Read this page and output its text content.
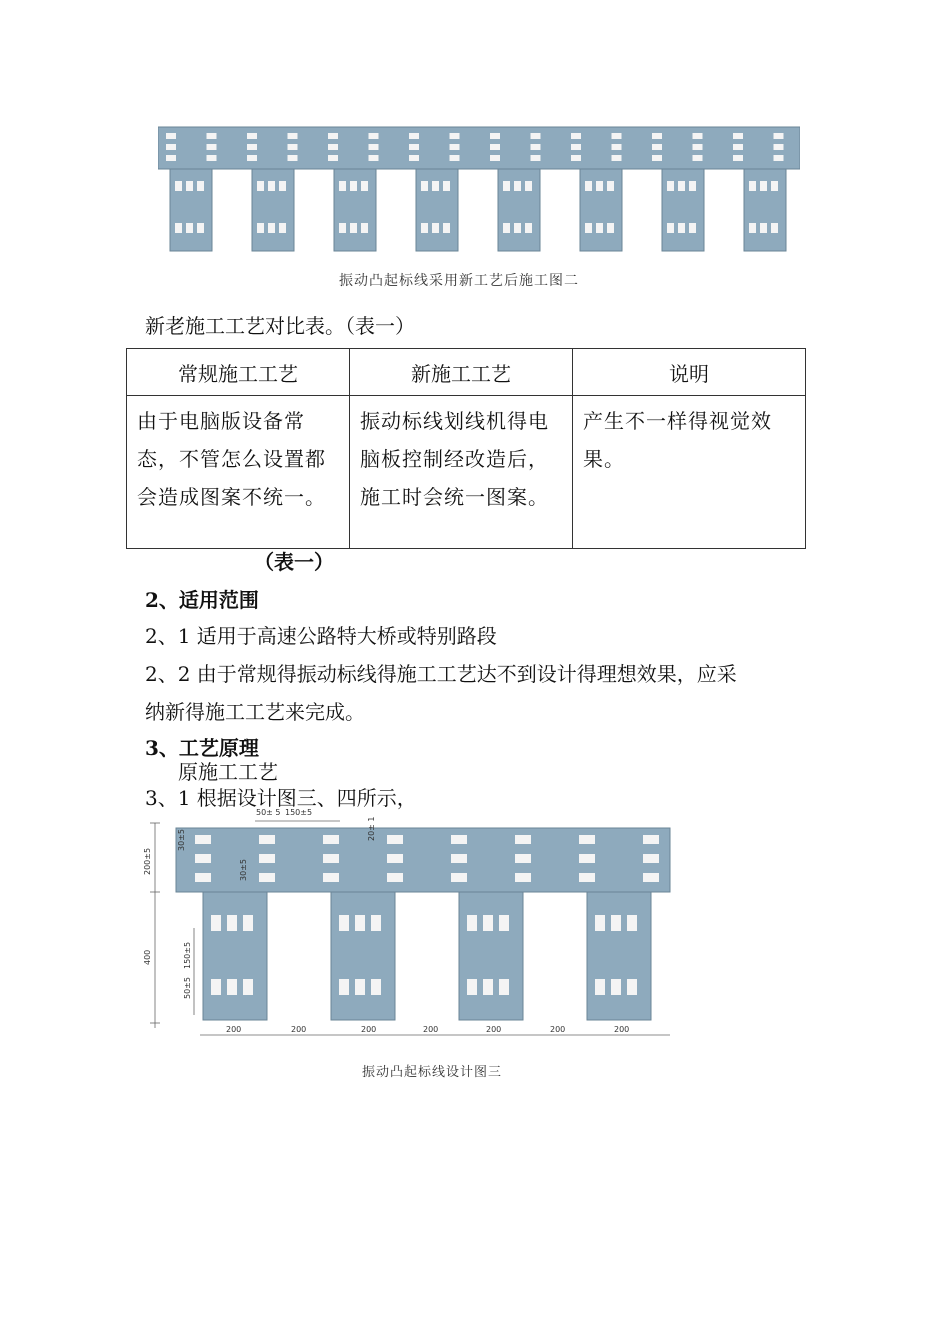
振动凸起标线采用新工艺后施工图二
新老施工工艺对比表。（表一）
常规施工工艺	新施工工艺	说明

由于电脑版设备常态，不管怎么设置都会造成图案不统一。	振动标线划线机得电脑板控制经改造后，施工时会统一图案。	产生不一样得视觉效果。
（表一）
2、适用范围
2、1 适用于高速公路特大桥或特别路段
2、2 由于常规得振动标线得施工工艺达不到设计得理想效果，应采
纳新得施工工艺来完成。
3、工艺原理
原施工工艺
3、1 根据设计图三、四所示，
50± 5 150±5
20± 1
30±5
30±5
200±5
400	150±5
50±5
200	200	200	200	200	200	200
振动凸起标线设计图三
